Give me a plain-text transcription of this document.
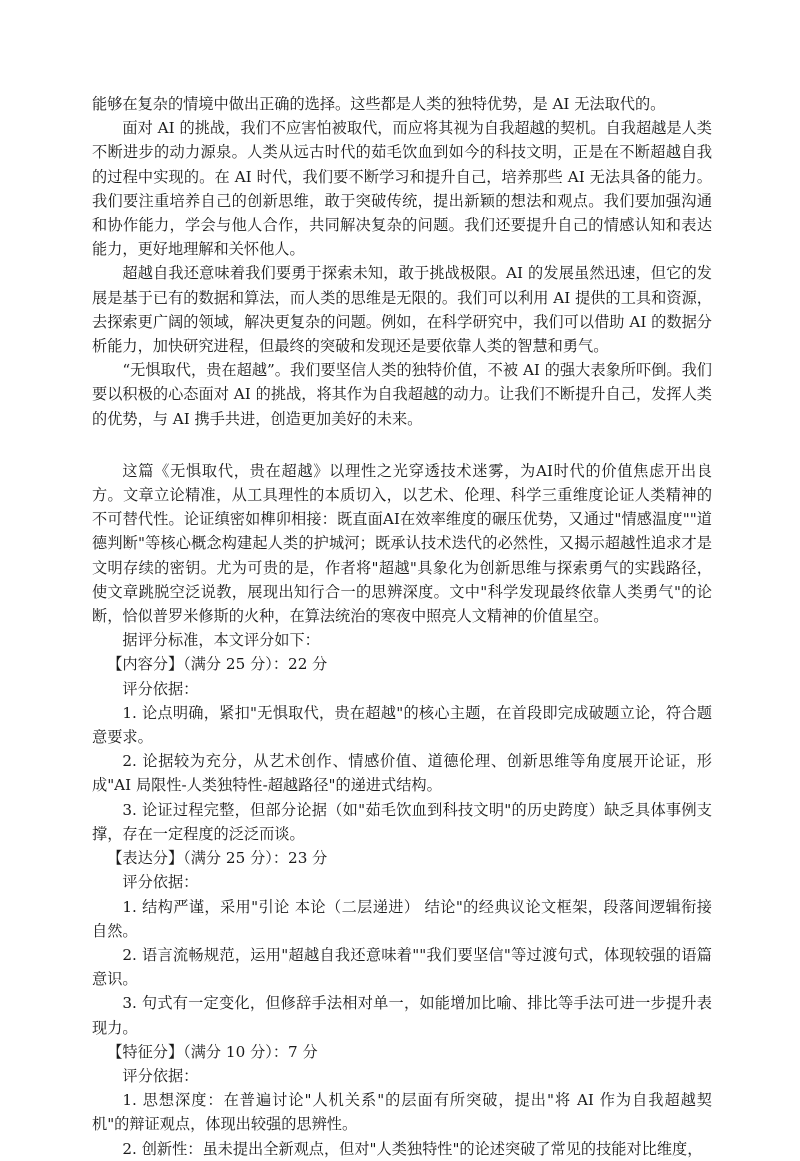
能够在复杂的情境中做出正确的选择。这些都是人类的独特优势，是 AI 无法取代的。

面对 AI 的挑战，我们不应害怕被取代，而应将其视为自我超越的契机。自我超越是人类不断进步的动力源泉。人类从远古时代的茹毛饮血到如今的科技文明，正是在不断超越自我的过程中实现的。在 AI 时代，我们要不断学习和提升自己，培养那些 AI 无法具备的能力。我们要注重培养自己的创新思维，敢于突破传统，提出新颖的想法和观点。我们要加强沟通和协作能力，学会与他人合作，共同解决复杂的问题。我们还要提升自己的情感认知和表达能力，更好地理解和关怀他人。

超越自我还意味着我们要勇于探索未知，敢于挑战极限。AI 的发展虽然迅速，但它的发展是基于已有的数据和算法，而人类的思维是无限的。我们可以利用 AI 提供的工具和资源，去探索更广阔的领域，解决更复杂的问题。例如，在科学研究中，我们可以借助 AI 的数据分析能力，加快研究进程，但最终的突破和发现还是要依靠人类的智慧和勇气。

“无惧取代，贵在超越”。我们要坚信人类的独特价值，不被 AI 的强大表象所吓倒。我们要以积极的心态面对 AI 的挑战，将其作为自我超越的动力。让我们不断提升自己，发挥人类的优势，与 AI 携手共进，创造更加美好的未来。

这篇《无惧取代，贵在超越》以理性之光穿透技术迷雾，为AI时代的价值焦虑开出良方。文章立论精准，从工具理性的本质切入，以艺术、伦理、科学三重维度论证人类精神的不可替代性。论证缜密如榫卯相接：既直面AI在效率维度的碾压优势，又通过"情感温度""道德判断"等核心概念构建起人类的护城河；既承认技术迭代的必然性，又揭示超越性追求才是文明存续的密钥。尤为可贵的是，作者将"超越"具象化为创新思维与探索勇气的实践路径，使文章跳脱空泛说教，展现出知行合一的思辨深度。文中"科学发现最终依靠人类勇气"的论断，恰似普罗米修斯的火种，在算法统治的寒夜中照亮人文精神的价值星空。

据评分标准，本文评分如下：

【内容分】（满分 25 分）：22 分

评分依据：

1. 论点明确，紧扣"无惧取代，贵在超越"的核心主题，在首段即完成破题立论，符合题意要求。

2. 论据较为充分，从艺术创作、情感价值、道德伦理、创新思维等角度展开论证，形成"AI 局限性-人类独特性-超越路径"的递进式结构。

3. 论证过程完整，但部分论据（如"茹毛饮血到科技文明"的历史跨度）缺乏具体事例支撑，存在一定程度的泛泛而谈。

【表达分】（满分 25 分）：23 分

评分依据：

1. 结构严谨，采用"引论 本论（二层递进） 结论"的经典议论文框架，段落间逻辑衔接自然。

2. 语言流畅规范，运用"超越自我还意味着""我们要坚信"等过渡句式，体现较强的语篇意识。

3. 句式有一定变化，但修辞手法相对单一，如能增加比喻、排比等手法可进一步提升表现力。

【特征分】（满分 10 分）：7 分

评分依据：

1. 思想深度：在普遍讨论"人机关系"的层面有所突破，提出"将 AI 作为自我超越契机"的辩证观点，体现出较强的思辨性。

2. 创新性：虽未提出全新观点，但对"人类独特性"的论述突破了常见的技能对比维度，
